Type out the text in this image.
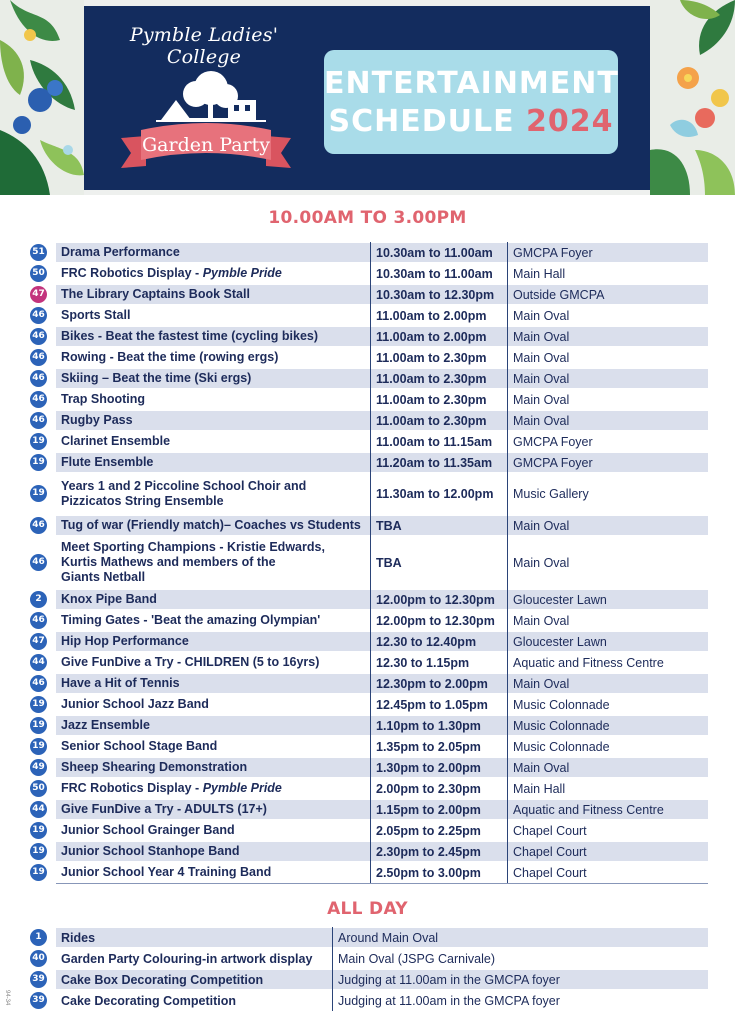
Pymble Ladies' College
Garden Party
ENTERTAINMENT
SCHEDULE 2024
10.00AM TO 3.00PM
51 Drama Performance	10.30am to 11.00am	GMCPA Foyer
50 FRC Robotics Display - Pymble Pride	10.30am to 11.00am	Main Hall
47 The Library Captains Book Stall	10.30am to 12.30pm	Outside GMCPA
46 Sports Stall	11.00am to 2.00pm	Main Oval
46 Bikes - Beat the fastest time (cycling bikes)	11.00am to 2.00pm	Main Oval
46 Rowing - Beat the time (rowing ergs)	11.00am to 2.30pm	Main Oval
46 Skiing – Beat the time (Ski ergs)	11.00am to 2.30pm	Main Oval
46 Trap Shooting	11.00am to 2.30pm	Main Oval
46 Rugby Pass	11.00am to 2.30pm	Main Oval
19 Clarinet Ensemble	11.00am to 11.15am	GMCPA Foyer
19 Flute Ensemble	11.20am to 11.35am	GMCPA Foyer
19 Years 1 and 2 Piccoline School Choir and
Pizzicatos String Ensemble	11.30am to 12.00pm	Music Gallery
46 Tug of war (Friendly match)– Coaches vs Students	TBA	Main Oval
46
Meet Sporting Champions - Kristie Edwards,
Kurtis Mathews and members of the
Giants Netball
TBA	Main Oval
2	Knox Pipe Band	12.00pm to 12.30pm	Gloucester Lawn
46 Timing Gates - 'Beat the amazing Olympian'	12.00pm to 12.30pm	Main Oval
47 Hip Hop Performance	12.30 to 12.40pm	Gloucester Lawn
44 Give FunDive a Try - CHILDREN (5 to 16yrs)	12.30 to 1.15pm	Aquatic and Fitness Centre
46 Have a Hit of Tennis	12.30pm to 2.00pm	Main Oval
19 Junior School Jazz Band	12.45pm to 1.05pm	Music Colonnade
19 Jazz Ensemble	1.10pm to 1.30pm	Music Colonnade
19 Senior School Stage Band	1.35pm to 2.05pm	Music Colonnade
49 Sheep Shearing Demonstration	1.30pm to 2.00pm	Main Oval
50 FRC Robotics Display - Pymble Pride	2.00pm to 2.30pm	Main Hall
44 Give FunDive a Try - ADULTS (17+)	1.15pm to 2.00pm	Aquatic and Fitness Centre
19 Junior School Grainger Band	2.05pm to 2.25pm	Chapel Court
19 Junior School Stanhope Band	2.30pm to 2.45pm	Chapel Court
19 Junior School Year 4 Training Band	2.50pm to 3.00pm	Chapel Court
ALL DAY
1	Rides	Around Main Oval
40	Garden Party Colouring-in artwork display	Main Oval (JSPG Carnivale)
39	Cake Box Decorating Competition	Judging at 11.00am in the GMCPA foyer
39	Cake Decorating Competition	Judging at 11.00am in the GMCPA foyer
94-34
